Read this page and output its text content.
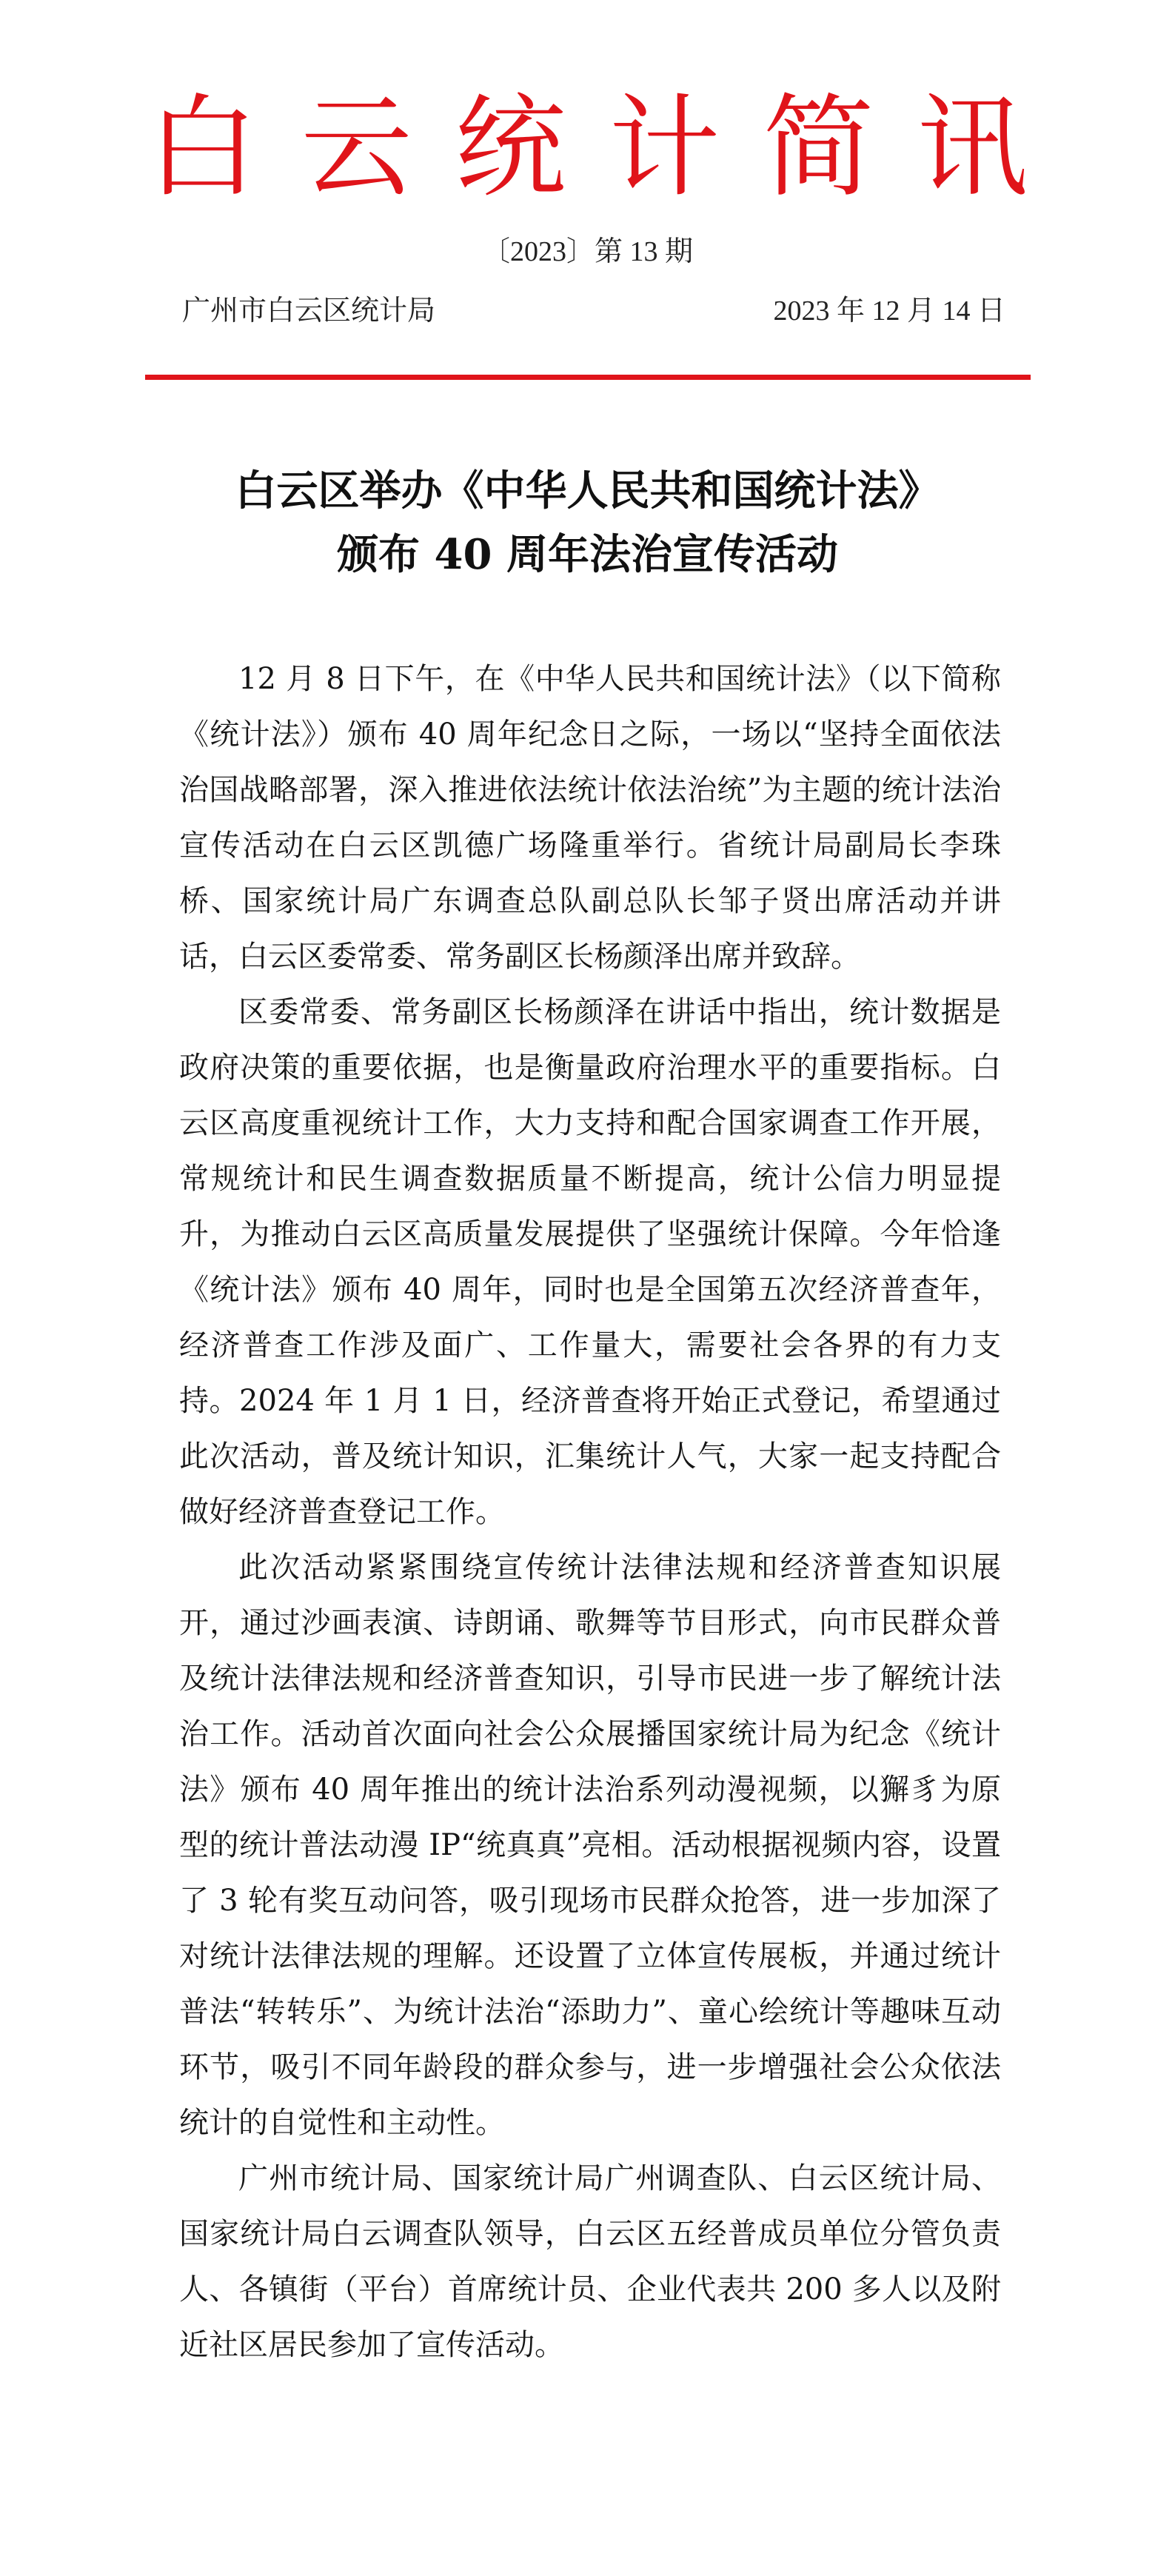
白云统计简讯
〔2023〕第 13 期
广州市白云区统计局	2023 年 12 月 14 日
白云区举办《中华人民共和国统计法》
颁布 40 周年法治宣传活动

12 月 8 日下午，在《中华人民共和国统计法》（以下简称《统计法》）颁布 40 周年纪念日之际，一场以“坚持全面依法治国战略部署，深入推进依法统计依法治统”为主题的统计法治宣传活动在白云区凯德广场隆重举行。省统计局副局长李珠桥、国家统计局广东调查总队副总队长邹子贤出席活动并讲话，白云区委常委、常务副区长杨颜泽出席并致辞。

区委常委、常务副区长杨颜泽在讲话中指出，统计数据是政府决策的重要依据，也是衡量政府治理水平的重要指标。白云区高度重视统计工作，大力支持和配合国家调查工作开展，常规统计和民生调查数据质量不断提高，统计公信力明显提升，为推动白云区高质量发展提供了坚强统计保障。今年恰逢《统计法》颁布 40 周年，同时也是全国第五次经济普查年，经济普查工作涉及面广、工作量大，需要社会各界的有力支持。2024 年 1 月 1 日，经济普查将开始正式登记，希望通过此次活动，普及统计知识，汇集统计人气，大家一起支持配合做好经济普查登记工作。

此次活动紧紧围绕宣传统计法律法规和经济普查知识展开，通过沙画表演、诗朗诵、歌舞等节目形式，向市民群众普及统计法律法规和经济普查知识，引导市民进一步了解统计法治工作。活动首次面向社会公众展播国家统计局为纪念《统计法》颁布 40 周年推出的统计法治系列动漫视频，以獬豸为原型的统计普法动漫 IP“统真真”亮相。活动根据视频内容，设置了 3 轮有奖互动问答，吸引现场市民群众抢答，进一步加深了对统计法律法规的理解。还设置了立体宣传展板，并通过统计普法“转转乐”、为统计法治“添助力”、童心绘统计等趣味互动环节，吸引不同年龄段的群众参与，进一步增强社会公众依法统计的自觉性和主动性。

广州市统计局、国家统计局广州调查队、白云区统计局、国家统计局白云调查队领导，白云区五经普成员单位分管负责人、各镇街（平台）首席统计员、企业代表共 200 多人以及附近社区居民参加了宣传活动。
